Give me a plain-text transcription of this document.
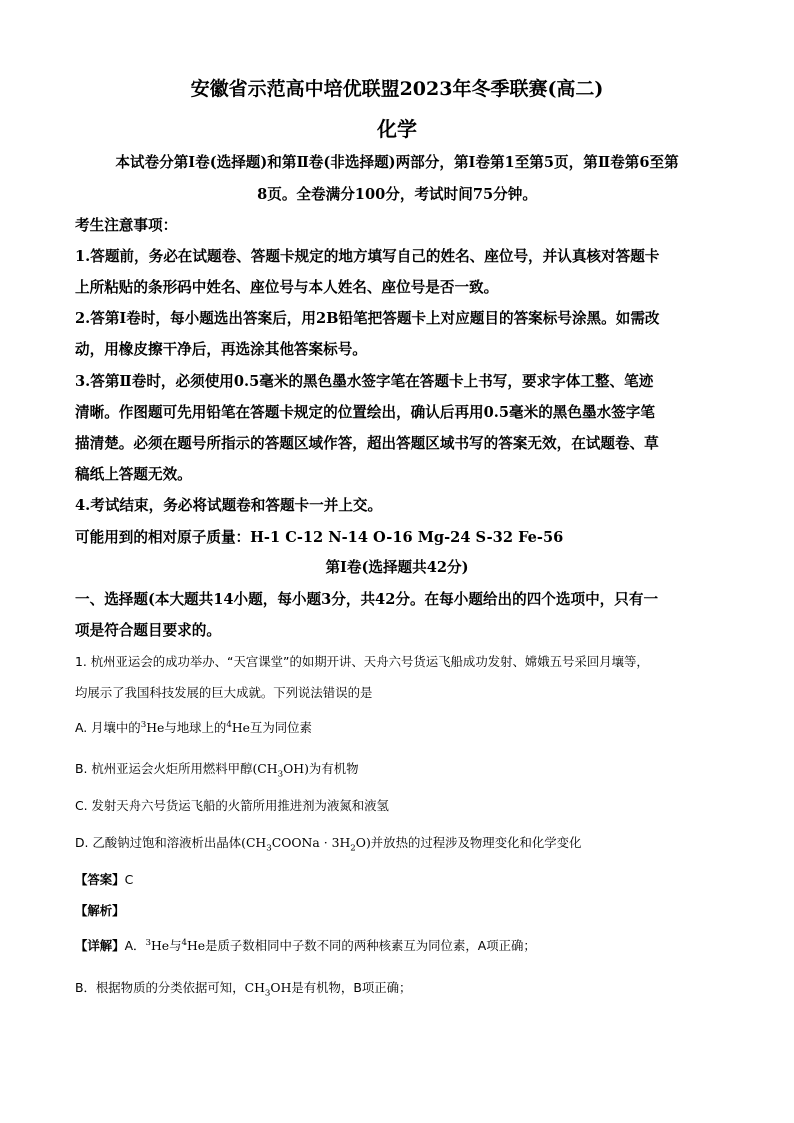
安徽省示范高中培优联盟2023年冬季联赛(高二)
化学
本试卷分第Ⅰ卷(选择题)和第Ⅱ卷(非选择题)两部分，第Ⅰ卷第1至第5页，第Ⅱ卷第6至第
8页。全卷满分100分，考试时间75分钟。
考生注意事项：
1.答题前，务必在试题卷、答题卡规定的地方填写自己的姓名、座位号，并认真核对答题卡
上所粘贴的条形码中姓名、座位号与本人姓名、座位号是否一致。
2.答第Ⅰ卷时，每小题选出答案后，用2B铅笔把答题卡上对应题目的答案标号涂黑。如需改
动，用橡皮擦干净后，再选涂其他答案标号。
3.答第Ⅱ卷时，必须使用0.5毫米的黑色墨水签字笔在答题卡上书写，要求字体工整、笔迹
清晰。作图题可先用铅笔在答题卡规定的位置绘出，确认后再用0.5毫米的黑色墨水签字笔
描清楚。必须在题号所指示的答题区域作答，超出答题区域书写的答案无效，在试题卷、草
稿纸上答题无效。
4.考试结束，务必将试题卷和答题卡一并上交。
可能用到的相对原子质量：H-1 C-12 N-14 O-16 Mg-24 S-32 Fe-56
第Ⅰ卷(选择题共42分)
一、选择题(本大题共14小题，每小题3分，共42分。在每小题给出的四个选项中，只有一
项是符合题目要求的。
1. 杭州亚运会的成功举办、“天宫课堂”的如期开讲、天舟六号货运飞船成功发射、嫦娥五号采回月壤等，
均展示了我国科技发展的巨大成就。下列说法错误的是
A. 月壤中的$^3$He与地球上的$^4$He互为同位素
B. 杭州亚运会火炬所用燃料甲醇$(CH_3OH)$为有机物
C. 发射天舟六号货运飞船的火箭所用推进剂为液氮和液氢
D. 乙酸钠过饱和溶液析出晶体$(CH_3COONa \cdot 3H_2O)$并放热的过程涉及物理变化和化学变化
【答案】C
【解析】
【详解】A．$^3$He与$^4$He是质子数相同中子数不同的两种核素互为同位素，A项正确；
B．根据物质的分类依据可知，$CH_3OH$是有机物，B项正确；
